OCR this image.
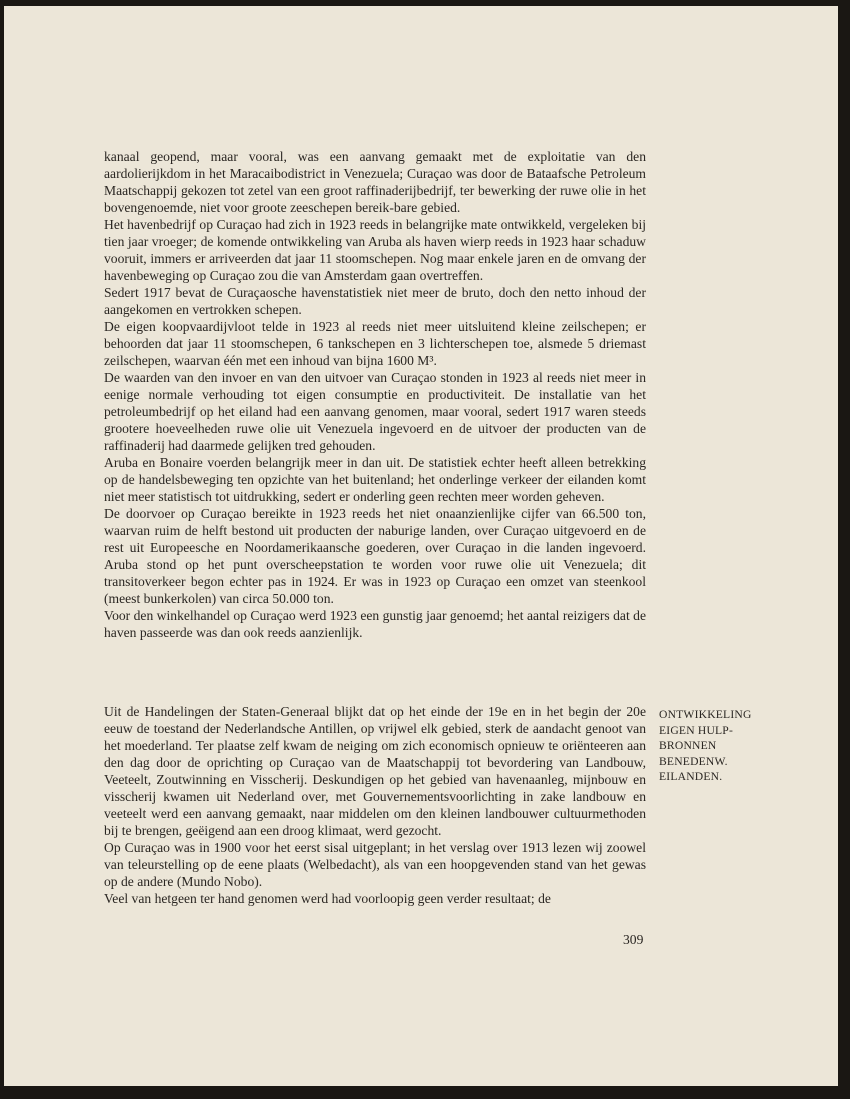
kanaal geopend, maar vooral, was een aanvang gemaakt met de exploitatie van den aardolierijkdom in het Maracaibodistrict in Venezuela; Curaçao was door de Bataafsche Petroleum Maatschappij gekozen tot zetel van een groot raffinaderijbedrijf, ter bewerking der ruwe olie in het bovengenoemde, niet voor groote zeeschepen bereik-bare gebied.

Het havenbedrijf op Curaçao had zich in 1923 reeds in belangrijke mate ontwikkeld, vergeleken bij tien jaar vroeger; de komende ontwikkeling van Aruba als haven wierp reeds in 1923 haar schaduw vooruit, immers er arriveerden dat jaar 11 stoomschepen. Nog maar enkele jaren en de omvang der havenbeweging op Curaçao zou die van Amsterdam gaan overtreffen.

Sedert 1917 bevat de Curaçaosche havenstatistiek niet meer de bruto, doch den netto inhoud der aangekomen en vertrokken schepen.

De eigen koopvaardijvloot telde in 1923 al reeds niet meer uitsluitend kleine zeilschepen; er behoorden dat jaar 11 stoomschepen, 6 tankschepen en 3 lichterschepen toe, alsmede 5 driemast zeilschepen, waarvan één met een inhoud van bijna 1600 M³.

De waarden van den invoer en van den uitvoer van Curaçao stonden in 1923 al reeds niet meer in eenige normale verhouding tot eigen consumptie en productiviteit. De installatie van het petroleumbedrijf op het eiland had een aanvang genomen, maar vooral, sedert 1917 waren steeds grootere hoeveelheden ruwe olie uit Venezuela ingevoerd en de uitvoer der producten van de raffinaderij had daarmede gelijken tred gehouden.

Aruba en Bonaire voerden belangrijk meer in dan uit. De statistiek echter heeft alleen betrekking op de handelsbeweging ten opzichte van het buitenland; het onderlinge verkeer der eilanden komt niet meer statistisch tot uitdrukking, sedert er onderling geen rechten meer worden geheven.

De doorvoer op Curaçao bereikte in 1923 reeds het niet onaanzienlijke cijfer van 66.500 ton, waarvan ruim de helft bestond uit producten der naburige landen, over Curaçao uitgevoerd en de rest uit Europeesche en Noordamerikaansche goederen, over Curaçao in die landen ingevoerd. Aruba stond op het punt overscheepstation te worden voor ruwe olie uit Venezuela; dit transitoverkeer begon echter pas in 1924. Er was in 1923 op Curaçao een omzet van steenkool (meest bunkerkolen) van circa 50.000 ton.

Voor den winkelhandel op Curaçao werd 1923 een gunstig jaar genoemd; het aantal reizigers dat de haven passeerde was dan ook reeds aanzienlijk.

Uit de Handelingen der Staten-Generaal blijkt dat op het einde der 19e en in het begin der 20e eeuw de toestand der Nederlandsche Antillen, op vrijwel elk gebied, sterk de aandacht genoot van het moederland. Ter plaatse zelf kwam de neiging om zich economisch opnieuw te oriënteeren aan den dag door de oprichting op Curaçao van de Maatschappij tot bevordering van Landbouw, Veeteelt, Zoutwinning en Visscherij. Deskundigen op het gebied van havenaanleg, mijnbouw en visscherij kwamen uit Nederland over, met Gouvernementsvoorlichting in zake landbouw en veeteelt werd een aanvang gemaakt, naar middelen om den kleinen landbouwer cultuurmethoden bij te brengen, geëigend aan een droog klimaat, werd gezocht.

Op Curaçao was in 1900 voor het eerst sisal uitgeplant; in het verslag over 1913 lezen wij zoowel van teleurstelling op de eene plaats (Welbedacht), als van een hoopgevenden stand van het gewas op de andere (Mundo Nobo).

Veel van hetgeen ter hand genomen werd had voorloopig geen verder resultaat; de

ONTWIKKELING
EIGEN HULP-
BRONNEN
BENEDENW.
EILANDEN.
309
